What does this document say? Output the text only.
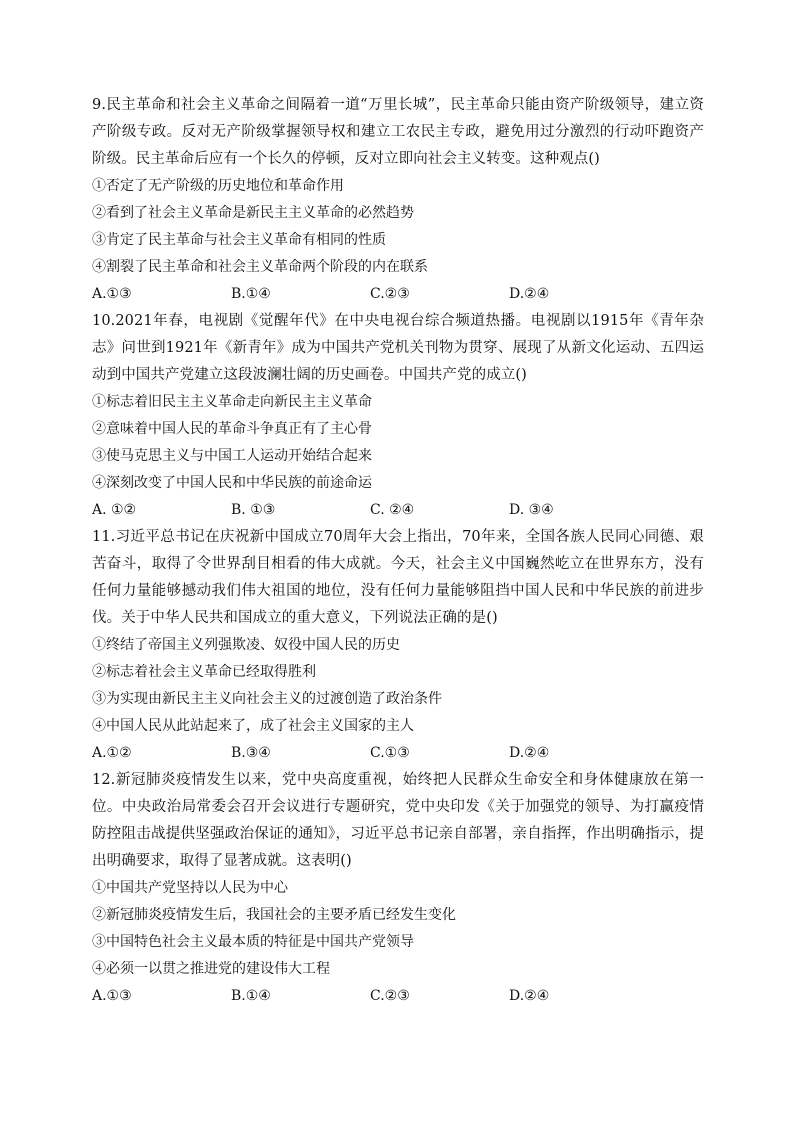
9.民主革命和社会主义革命之间隔着一道“万里长城”，民主革命只能由资产阶级领导，建立资产阶级专政。反对无产阶级掌握领导权和建立工农民主专政，避免用过分激烈的行动吓跑资产阶级。民主革命后应有一个长久的停顿，反对立即向社会主义转变。这种观点()

①否定了无产阶级的历史地位和革命作用

②看到了社会主义革命是新民主主义革命的必然趋势

③肯定了民主革命与社会主义革命有相同的性质

④割裂了民主革命和社会主义革命两个阶段的内在联系

A.①③	B.①④	C.②③	D.②④

10.2021年春，电视剧《觉醒年代》在中央电视台综合频道热播。电视剧以1915年《青年杂志》问世到1921年《新青年》成为中国共产党机关刊物为贯穿、展现了从新文化运动、五四运动到中国共产党建立这段波澜壮阔的历史画卷。中国共产党的成立()

①标志着旧民主主义革命走向新民主主义革命

②意味着中国人民的革命斗争真正有了主心骨

③使马克思主义与中国工人运动开始结合起来

④深刻改变了中国人民和中华民族的前途命运

A. ①②	B. ①③	C. ②④	D. ③④

11.习近平总书记在庆祝新中国成立70周年大会上指出，70年来，全国各族人民同心同德、艰苦奋斗，取得了令世界刮目相看的伟大成就。今天，社会主义中国巍然屹立在世界东方，没有任何力量能够撼动我们伟大祖国的地位，没有任何力量能够阻挡中国人民和中华民族的前进步伐。关于中华人民共和国成立的重大意义，下列说法正确的是()

①终结了帝国主义列强欺凌、奴役中国人民的历史

②标志着社会主义革命已经取得胜利

③为实现由新民主主义向社会主义的过渡创造了政治条件

④中国人民从此站起来了，成了社会主义国家的主人

A.①②	B.③④	C.①③	D.②④

12.新冠肺炎疫情发生以来，党中央高度重视，始终把人民群众生命安全和身体健康放在第一位。中央政治局常委会召开会议进行专题研究，党中央印发《关于加强党的领导、为打赢疫情防控阻击战提供坚强政治保证的通知》，习近平总书记亲自部署，亲自指挥，作出明确指示，提出明确要求，取得了显著成就。这表明()

①中国共产党坚持以人民为中心

②新冠肺炎疫情发生后，我国社会的主要矛盾已经发生变化

③中国特色社会主义最本质的特征是中国共产党领导

④必须一以贯之推进党的建设伟大工程

A.①③	B.①④	C.②③	D.②④
